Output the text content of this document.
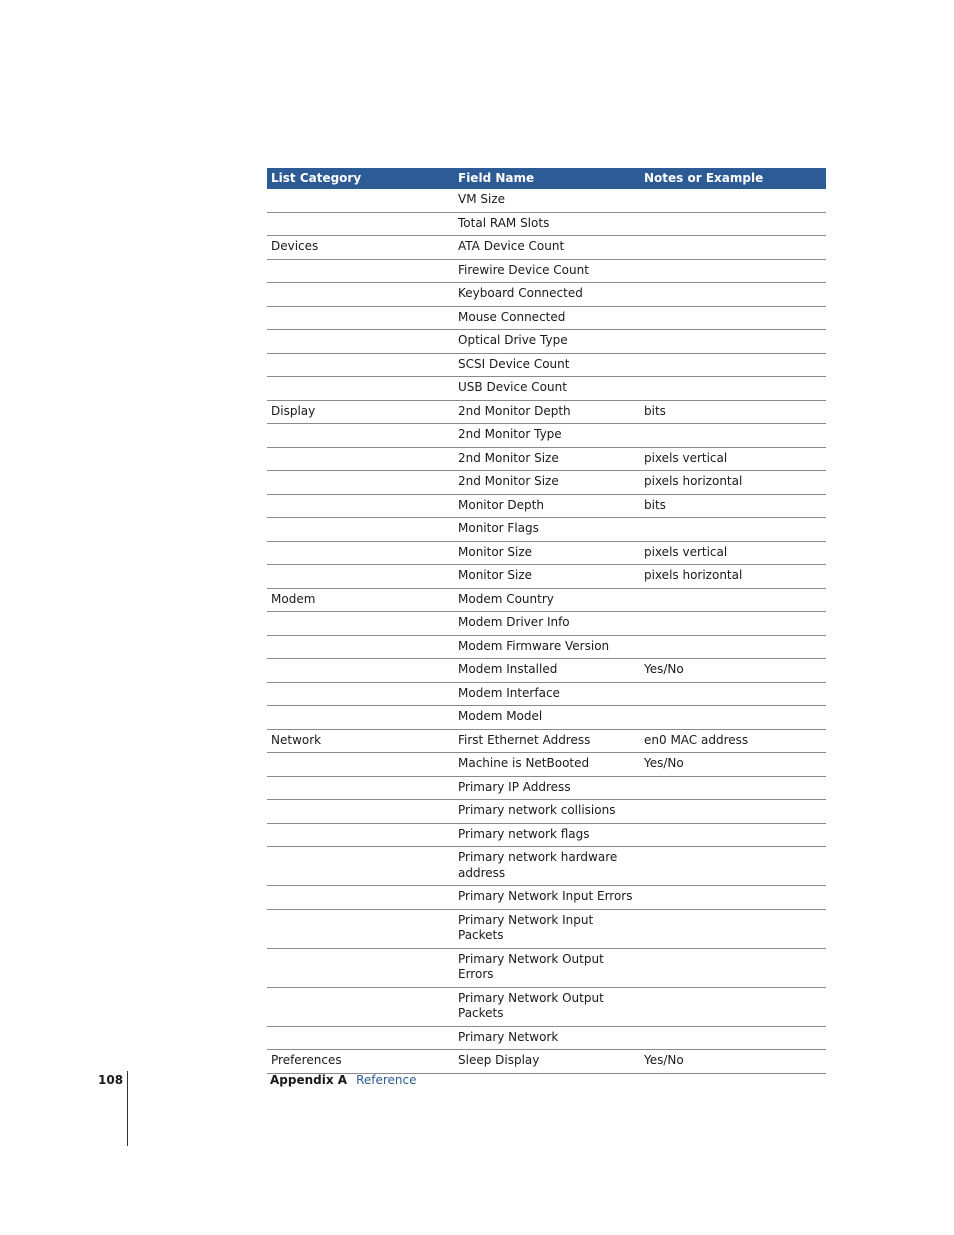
List Category	Field Name	Notes or Example
	VM Size	
	Total RAM Slots	
Devices	ATA Device Count	
	Firewire Device Count	
	Keyboard Connected	
	Mouse Connected	
	Optical Drive Type	
	SCSI Device Count	
	USB Device Count	
Display	2nd Monitor Depth	bits
	2nd Monitor Type	
	2nd Monitor Size	pixels vertical
	2nd Monitor Size	pixels horizontal
	Monitor Depth	bits
	Monitor Flags	
	Monitor Size	pixels vertical
	Monitor Size	pixels horizontal
Modem	Modem Country	
	Modem Driver Info	
	Modem Firmware Version	
	Modem Installed	Yes/No
	Modem Interface	
	Modem Model	
Network	First Ethernet Address	en0 MAC address
	Machine is NetBooted	Yes/No
	Primary IP Address	
	Primary network collisions	
	Primary network flags	
	Primary network hardware address	
	Primary Network Input Errors	
	Primary Network Input Packets	
	Primary Network Output Errors	
	Primary Network Output Packets	
	Primary Network	
Preferences	Sleep Display	Yes/No
108	Appendix A Reference
